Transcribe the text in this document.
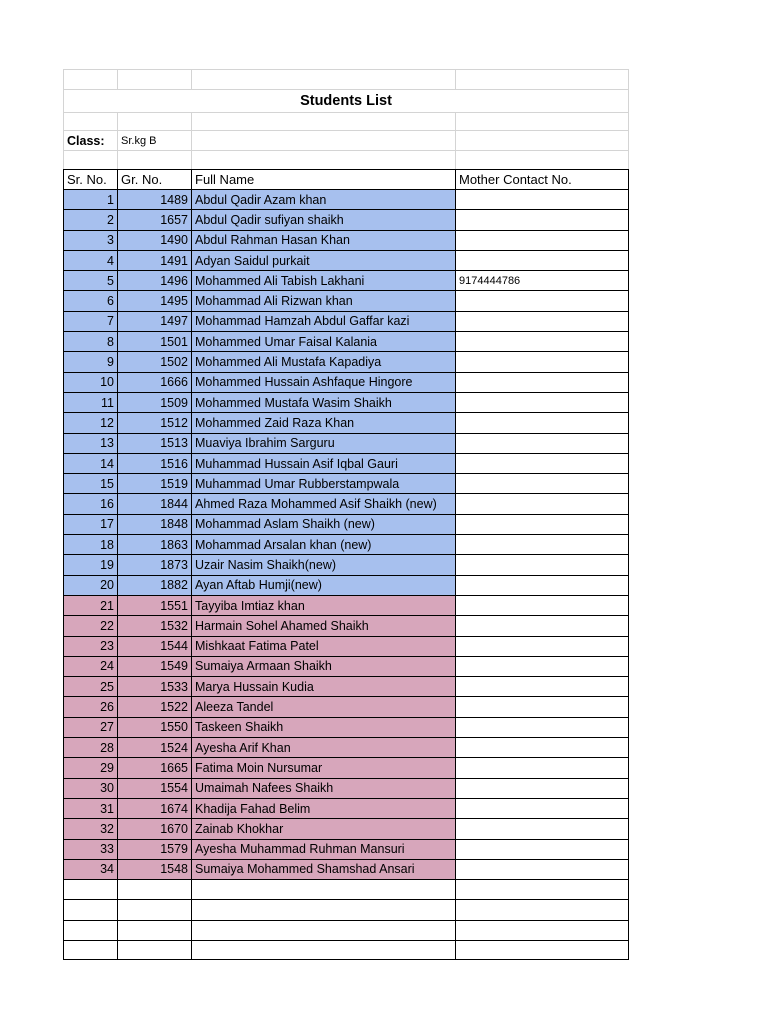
Students List
Class:	Sr.kg B
Sr. No.	Gr. No.	Full Name	Mother Contact No.
1	1489 Abdul Qadir Azam khan
2	1657 Abdul Qadir sufiyan shaikh
3	1490 Abdul Rahman Hasan Khan
4	1491 Adyan Saidul purkait
5	1496 Mohammed Ali Tabish Lakhani	9174444786
6	1495 Mohammad Ali Rizwan khan
7	1497 Mohammad Hamzah Abdul Gaffar kazi
8	1501 Mohammed Umar Faisal Kalania
9	1502 Mohammed Ali Mustafa Kapadiya
10	1666 Mohammed Hussain Ashfaque Hingore
11	1509 Mohammed Mustafa Wasim Shaikh
12	1512 Mohammed Zaid Raza Khan
13	1513 Muaviya Ibrahim Sarguru
14	1516 Muhammad Hussain Asif Iqbal Gauri
15	1519 Muhammad Umar Rubberstampwala
16	1844 Ahmed Raza Mohammed Asif Shaikh (new)
17	1848 Mohammad Aslam Shaikh (new)
18	1863 Mohammad Arsalan khan (new)
19	1873 Uzair Nasim Shaikh(new)
20	1882 Ayan Aftab Humji(new)
21	1551 Tayyiba Imtiaz khan
22	1532 Harmain Sohel Ahamed Shaikh
23	1544 Mishkaat Fatima Patel
24	1549 Sumaiya Armaan Shaikh
25	1533 Marya Hussain Kudia
26	1522 Aleeza Tandel
27	1550 Taskeen Shaikh
28	1524 Ayesha Arif Khan
29	1665 Fatima Moin Nursumar
30	1554 Umaimah Nafees Shaikh
31	1674 Khadija Fahad Belim
32	1670 Zainab Khokhar
33	1579 Ayesha Muhammad Ruhman Mansuri
34	1548 Sumaiya Mohammed Shamshad Ansari
